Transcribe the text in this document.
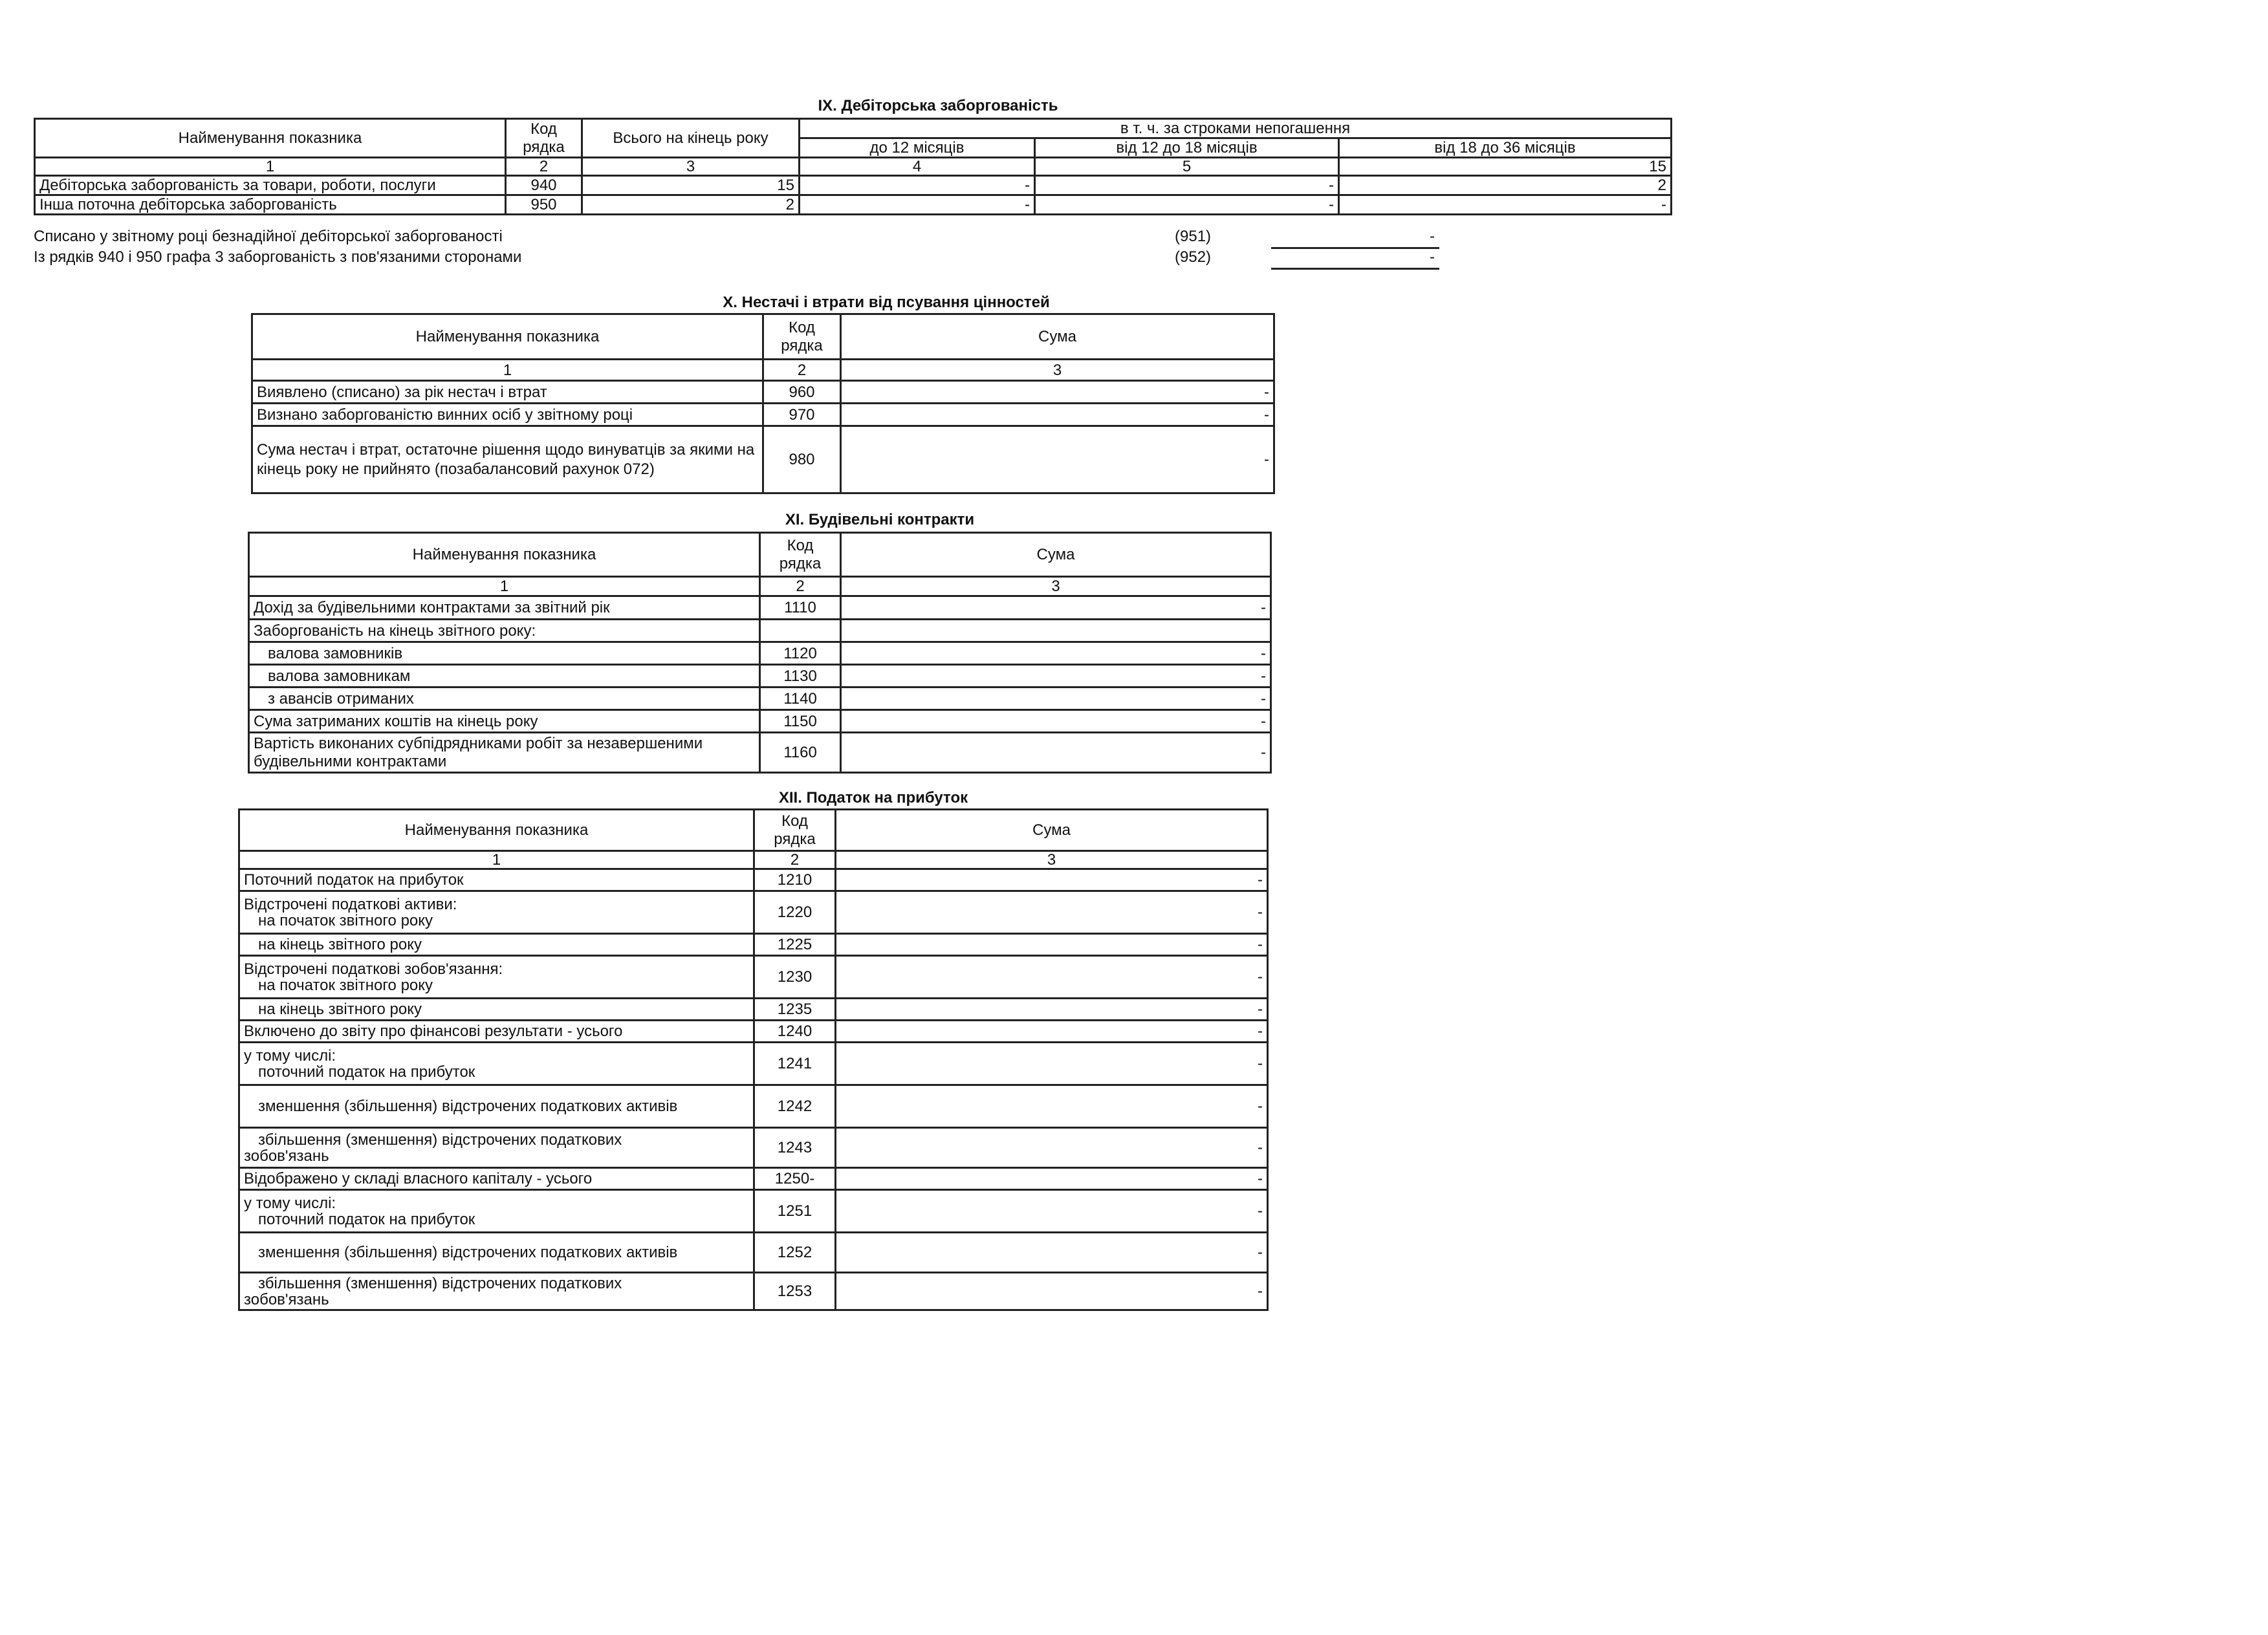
IX. Дебіторська заборгованість
Найменування показника	Код рядка	Всього на кінець року	в т. ч. за строками непогашення		
			до 12 місяців	від 12 до 18 місяців	від 18 до 36 місяців
1	2	3	4	5	15
Дебіторська заборгованість за товари, роботи, послуги	940	15	-	-	2
Інша поточна дебіторська заборгованість	950	2	-	-	-
Списано у звітному році безнадійної дебіторської заборгованості	(951)	-
Із рядків 940 і 950 графа 3 заборгованість з пов'язаними сторонами	(952)	-
X. Нестачі і втрати від псування цінностей
Найменування показника	Код рядка	Сума
1	2	3
Виявлено (списано) за рік нестач і втрат	960	-
Визнано заборгованістю винних осіб у звітному році	970	-
Сума нестач і втрат, остаточне рішення щодо винуватців за якими на кінець року не прийнято (позабалансовий рахунок 072)	980	-
XI. Будівельні контракти
Найменування показника	Код рядка	Сума
1	2	3
Дохід за будівельними контрактами за звітний рік	1110	-
Заборгованість на кінець звітного року:		
валова замовників	1120	-
валова замовникам	1130	-
з авансів отриманих	1140	-
Сума затриманих коштів на кінець року	1150	-
Вартість виконаних субпідрядниками робіт за незавершеними будівельними контрактами	1160	-
XII. Податок на прибуток
Найменування показника	Код рядка	Сума
1	2	3
Поточний податок на прибуток	1210	-

Відстрочені податкові активи:
на початок звітного року	1220	-
на кінець звітного року	1225	-

Відстрочені податкові зобов'язання:
на початок звітного року	1230	-
на кінець звітного року	1235	-
Включено до звіту про фінансові результати - усього	1240	-

у тому числі:
поточний податок на прибуток	1241	-
зменшення (збільшення) відстрочених податкових активів	1242	-

збільшення (зменшення) відстрочених податкових
зобов'язань	1243	-
Відображено у складі власного капіталу - усього	1250-	-

у тому числі:
поточний податок на прибуток	1251	-
зменшення (збільшення) відстрочених податкових активів	1252	-

збільшення (зменшення) відстрочених податкових
зобов'язань	1253	-
